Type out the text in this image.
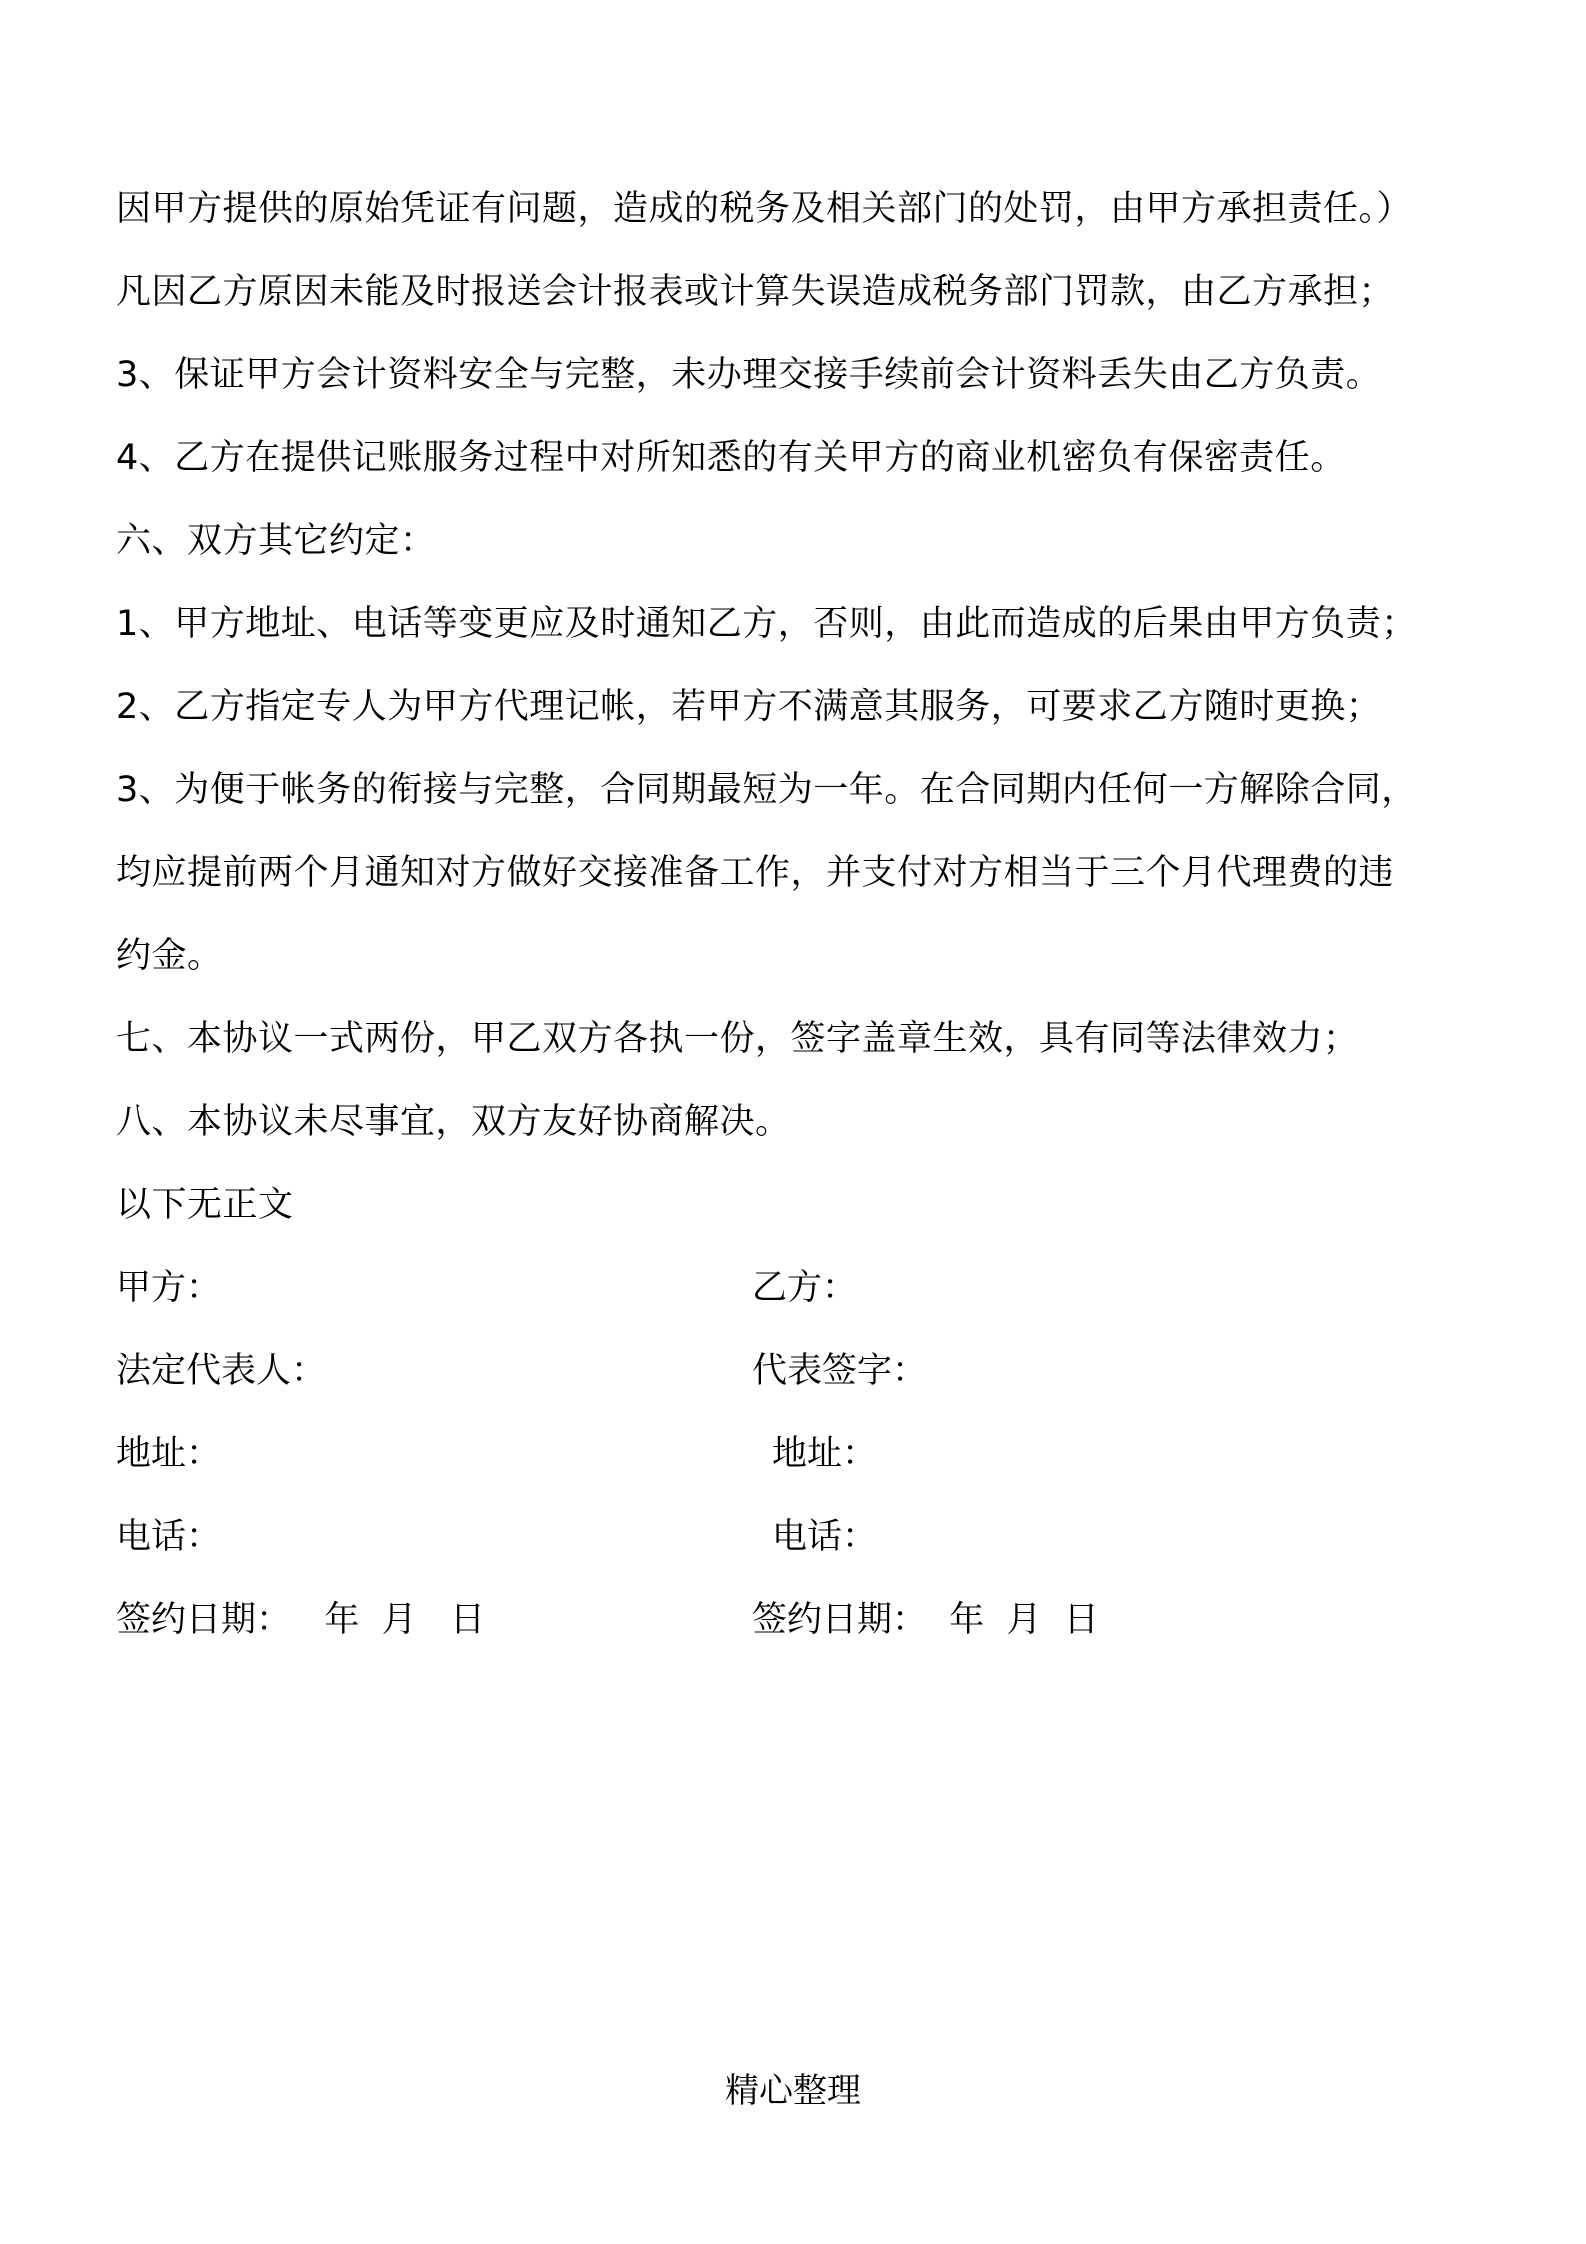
因甲方提供的原始凭证有问题，造成的税务及相关部门的处罚，由甲方承担责任。）
凡因乙方原因未能及时报送会计报表或计算失误造成税务部门罚款，由乙方承担；
3、保证甲方会计资料安全与完整，未办理交接手续前会计资料丢失由乙方负责。
4、乙方在提供记账服务过程中对所知悉的有关甲方的商业机密负有保密责任。
六、双方其它约定：
1、甲方地址、电话等变更应及时通知乙方，否则，由此而造成的后果由甲方负责；
2、乙方指定专人为甲方代理记帐，若甲方不满意其服务，可要求乙方随时更换；
3、为便于帐务的衔接与完整，合同期最短为一年。在合同期内任何一方解除合同，
均应提前两个月通知对方做好交接准备工作，并支付对方相当于三个月代理费的违
约金。
七、本协议一式两份，甲乙双方各执一份，签字盖章生效，具有同等法律效力；
八、本协议未尽事宜，双方友好协商解决。
以下无正文
甲方：	乙方：
法定代表人：	代表签字：
地址：	地址：
电话：	电话：
签约日期：   年  月   日	签约日期：  年  月  日
精心整理
